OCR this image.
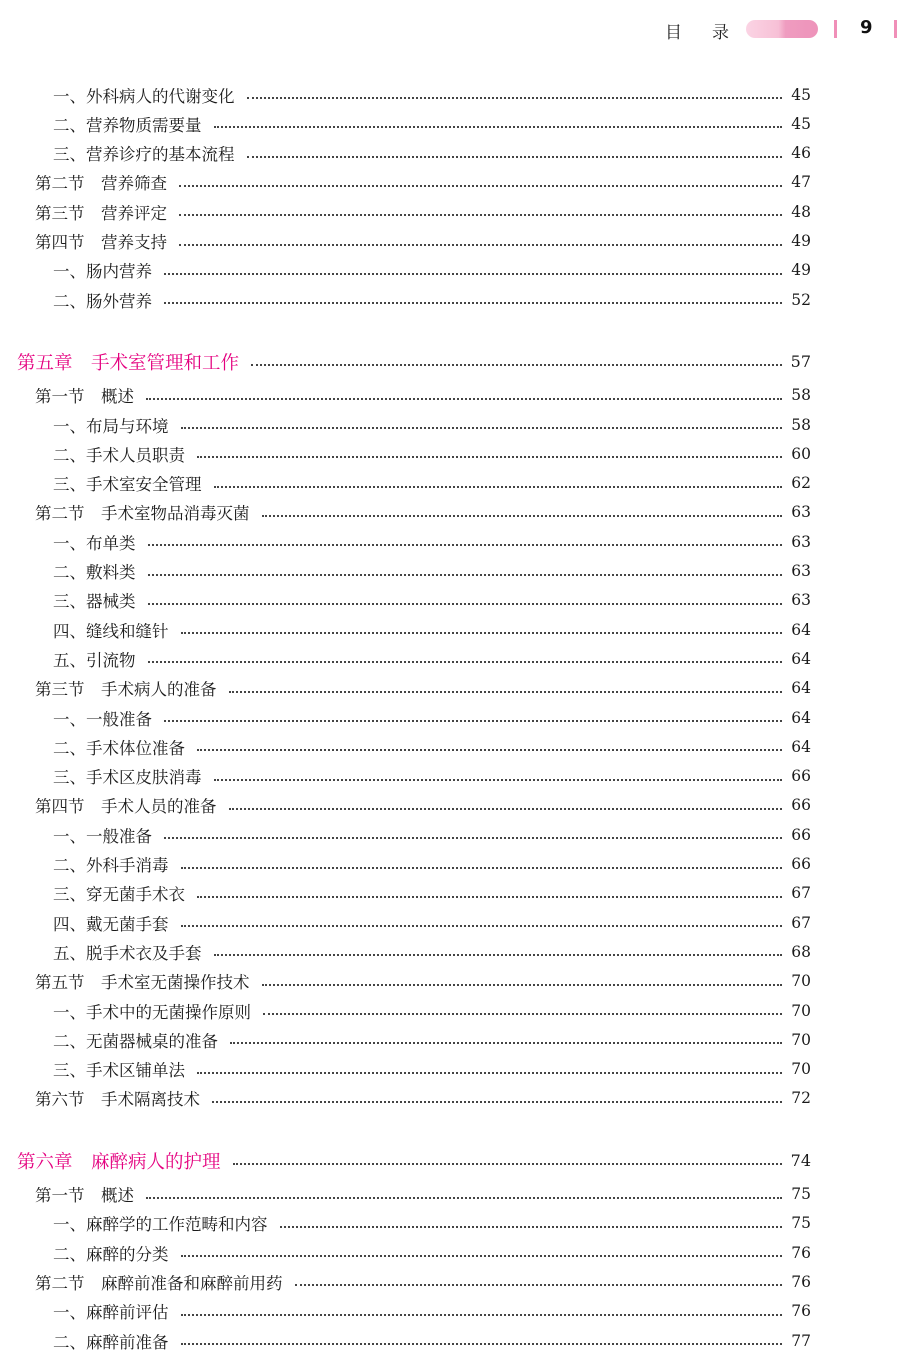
目 录	9
一、外科病人的代谢变化	45
二、营养物质需要量	45
三、营养诊疗的基本流程	46
第二节　营养筛查	47
第三节　营养评定	48
第四节　营养支持	49
一、肠内营养	49
二、肠外营养	52
第五章　手术室管理和工作	57
第一节　概述	58
一、布局与环境	58
二、手术人员职责	60
三、手术室安全管理	62
第二节　手术室物品消毒灭菌	63
一、布单类	63
二、敷料类	63
三、器械类	63
四、缝线和缝针	64
五、引流物	64
第三节　手术病人的准备	64
一、一般准备	64
二、手术体位准备	64
三、手术区皮肤消毒	66
第四节　手术人员的准备	66
一、一般准备	66
二、外科手消毒	66
三、穿无菌手术衣	67
四、戴无菌手套	67
五、脱手术衣及手套	68
第五节　手术室无菌操作技术	70
一、手术中的无菌操作原则	70
二、无菌器械桌的准备	70
三、手术区铺单法	70
第六节　手术隔离技术	72
第六章　麻醉病人的护理	74
第一节　概述	75
一、麻醉学的工作范畴和内容	75
二、麻醉的分类	76
第二节　麻醉前准备和麻醉前用药	76
一、麻醉前评估	76
二、麻醉前准备	77
